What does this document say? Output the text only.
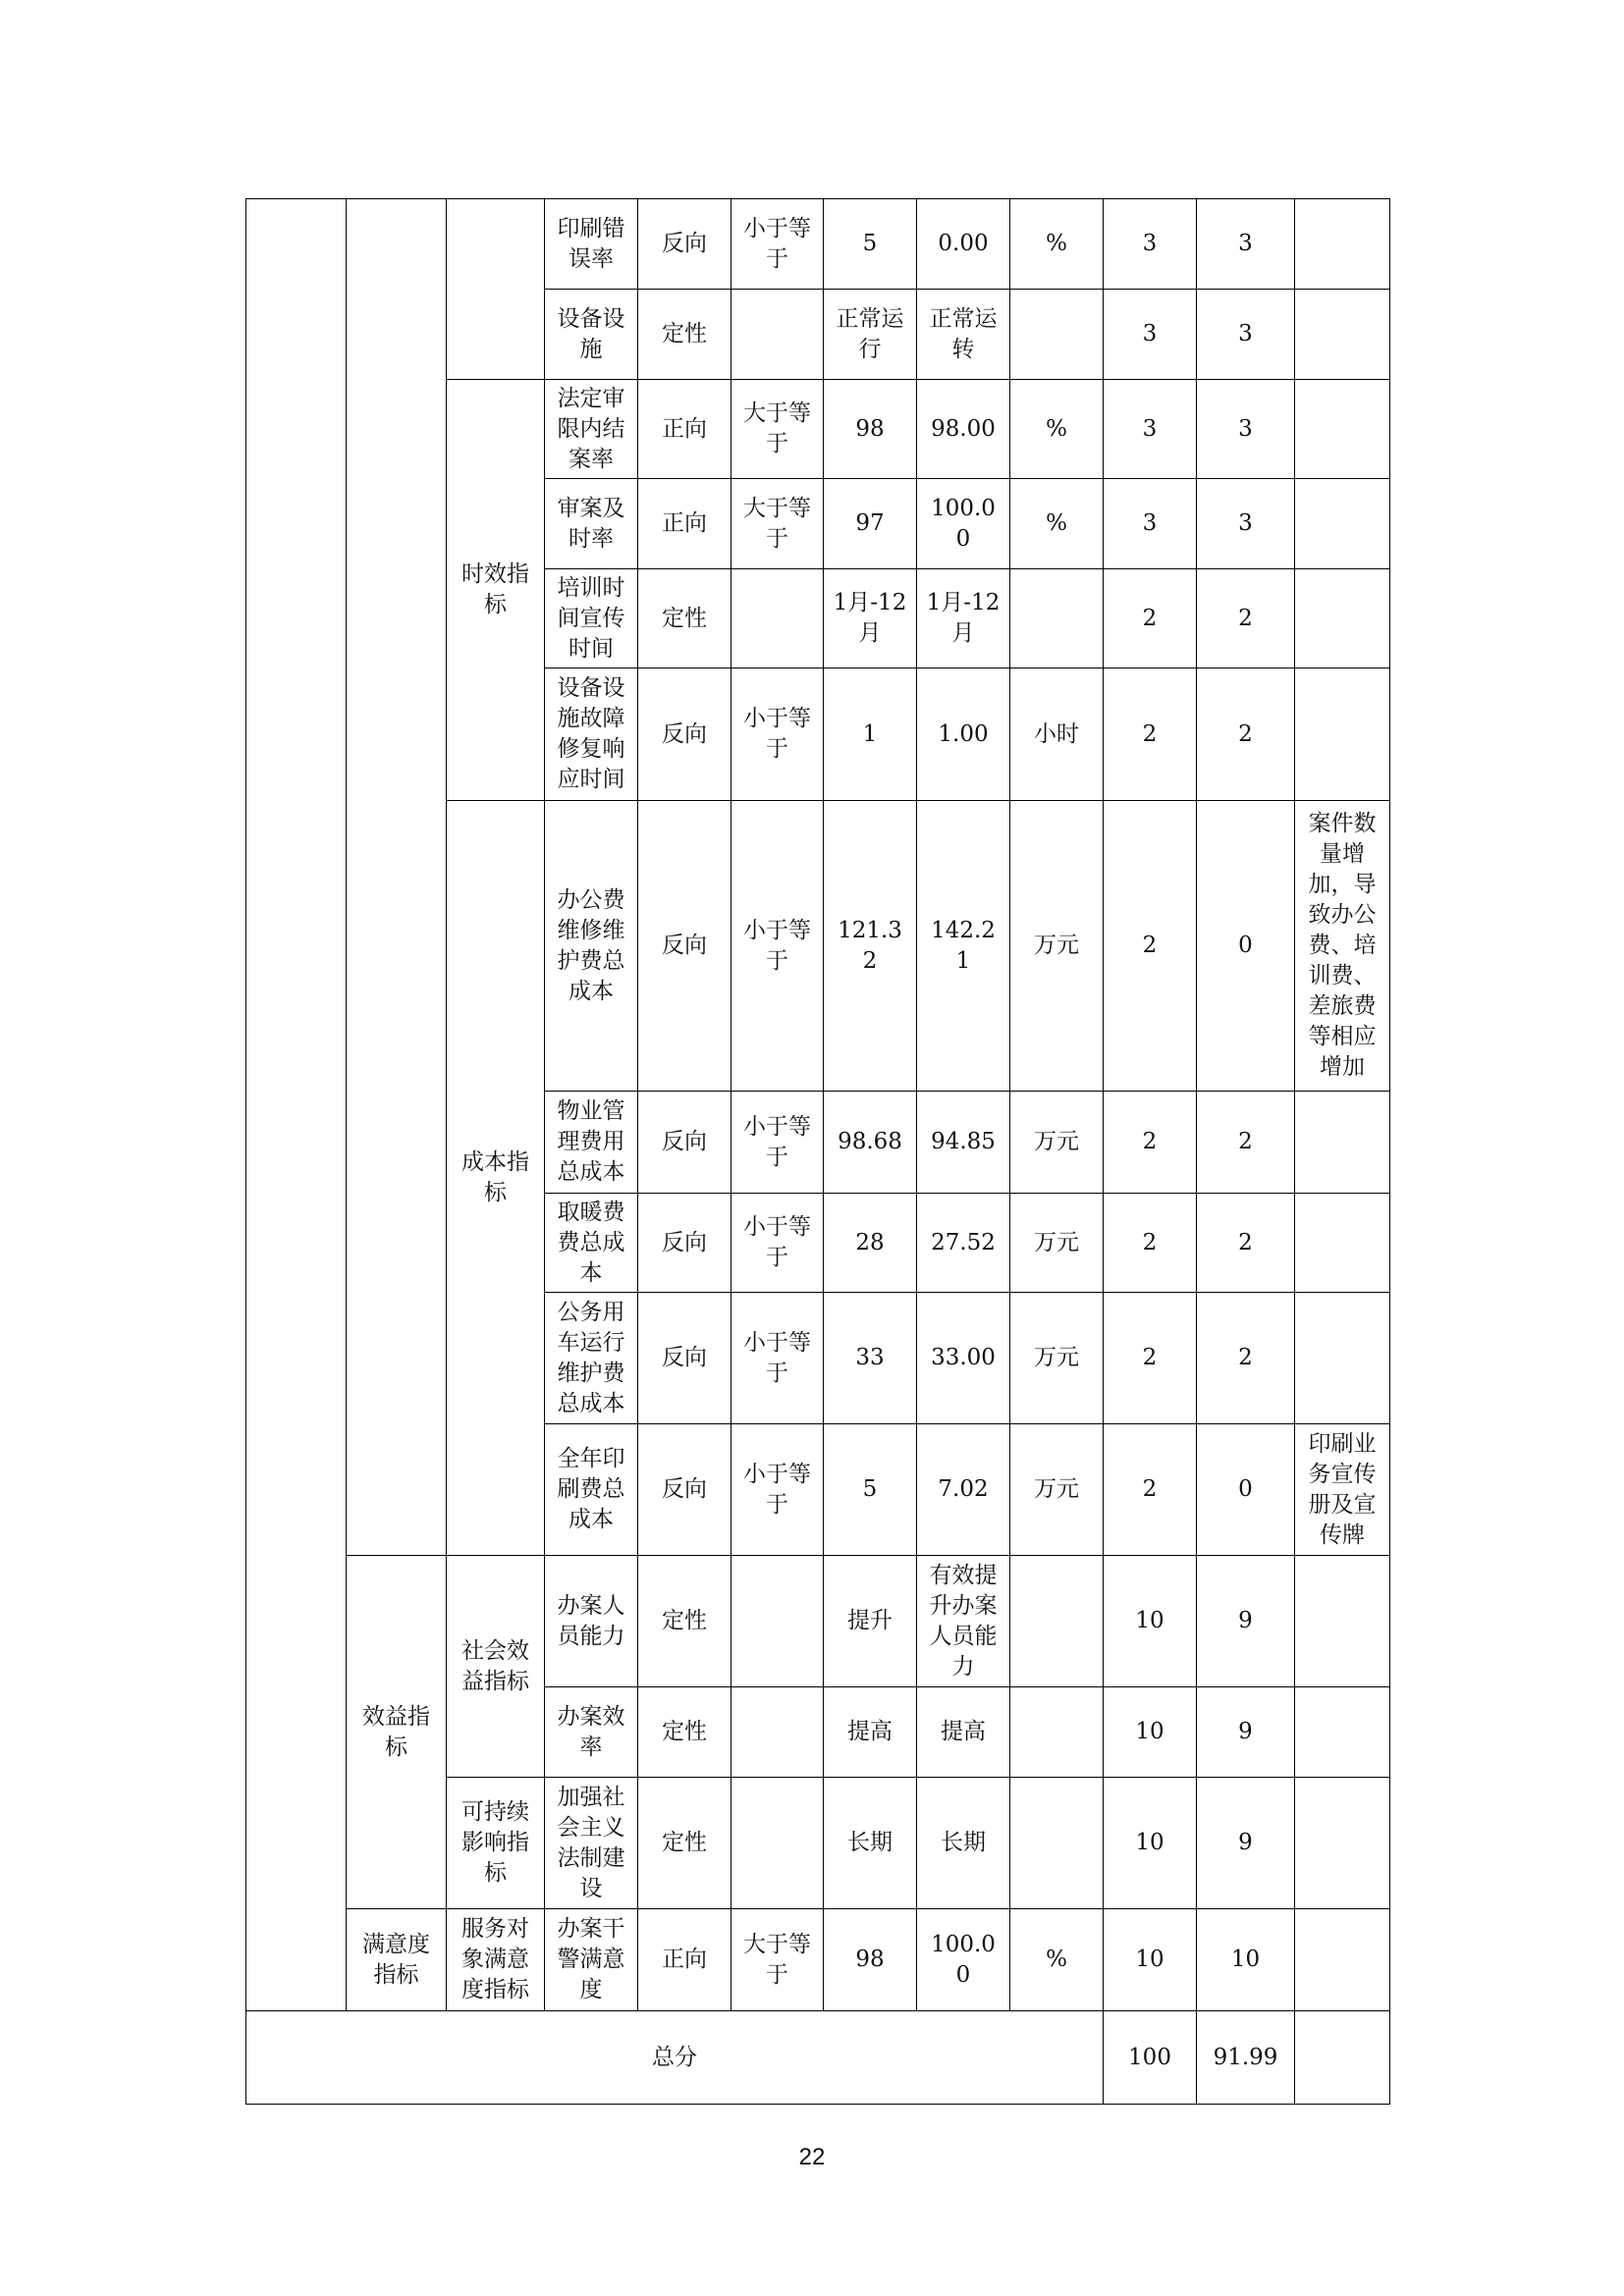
			印刷错误率	反向	小于等于	5	0.00	%	3	3	
			设备设施	定性		正常运行	正常运转		3	3	
		时效指标	法定审限内结案率	正向	大于等于	98	98.00	%	3	3	
			审案及时率	正向	大于等于	97	100.00	%	3	3	
			培训时间宣传时间	定性		1月-12月	1月-12月		2	2	
			设备设施故障修复响应时间	反向	小于等于	1	1.00	小时	2	2	
		成本指标	办公费维修维护费总成本	反向	小于等于	121.32	142.21	万元	2	0	案件数量增加，导致办公费、培训费、差旅费等相应增加
			物业管理费用总成本	反向	小于等于	98.68	94.85	万元	2	2	
			取暖费费总成本	反向	小于等于	28	27.52	万元	2	2	
			公务用车运行维护费总成本	反向	小于等于	33	33.00	万元	2	2	
			全年印刷费总成本	反向	小于等于	5	7.02	万元	2	0	印刷业务宣传册及宣传牌
	效益指标	社会效益指标	办案人员能力	定性		提升	有效提升办案人员能力		10	9	
			办案效率	定性		提高	提高		10	9	
		可持续影响指标	加强社会主义法制建设	定性		长期	长期		10	9	
	满意度指标	服务对象满意度指标	办案干警满意度	正向	大于等于	98	100.00	%	10	10	
总分									100	91.99	
22
